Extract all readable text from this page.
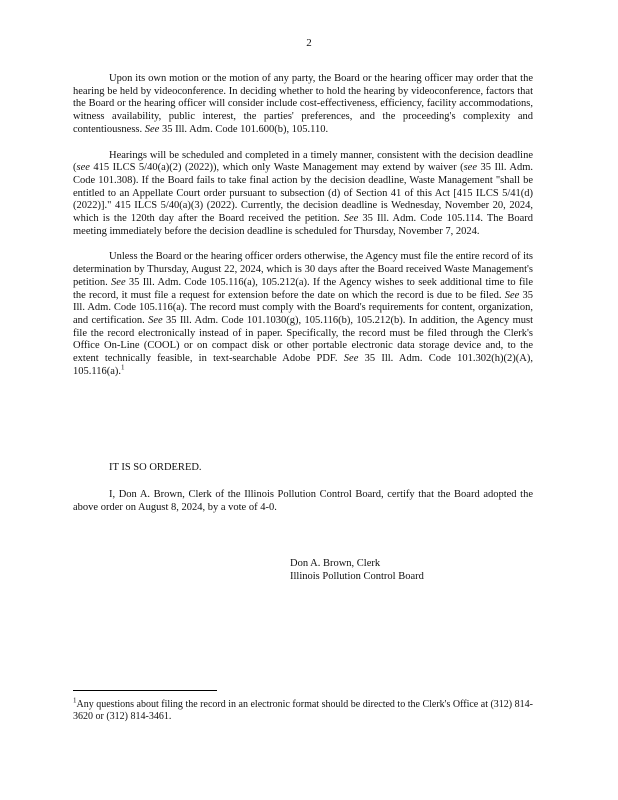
2

Upon its own motion or the motion of any party, the Board or the hearing officer may order that the hearing be held by videoconference. In deciding whether to hold the hearing by videoconference, factors that the Board or the hearing officer will consider include cost-effectiveness, efficiency, facility accommodations, witness availability, public interest, the parties' preferences, and the proceeding's complexity and contentiousness. See 35 Ill. Adm. Code 101.600(b), 105.110.

Hearings will be scheduled and completed in a timely manner, consistent with the decision deadline (see 415 ILCS 5/40(a)(2) (2022)), which only Waste Management may extend by waiver (see 35 Ill. Adm. Code 101.308). If the Board fails to take final action by the decision deadline, Waste Management "shall be entitled to an Appellate Court order pursuant to subsection (d) of Section 41 of this Act [415 ILCS 5/41(d) (2022)]." 415 ILCS 5/40(a)(3) (2022). Currently, the decision deadline is Wednesday, November 20, 2024, which is the 120th day after the Board received the petition. See 35 Ill. Adm. Code 105.114. The Board meeting immediately before the decision deadline is scheduled for Thursday, November 7, 2024.

Unless the Board or the hearing officer orders otherwise, the Agency must file the entire record of its determination by Thursday, August 22, 2024, which is 30 days after the Board received Waste Management's petition. See 35 Ill. Adm. Code 105.116(a), 105.212(a). If the Agency wishes to seek additional time to file the record, it must file a request for extension before the date on which the record is due to be filed. See 35 Ill. Adm. Code 105.116(a). The record must comply with the Board's requirements for content, organization, and certification. See 35 Ill. Adm. Code 101.1030(g), 105.116(b), 105.212(b). In addition, the Agency must file the record electronically instead of in paper. Specifically, the record must be filed through the Clerk's Office On-Line (COOL) or on compact disk or other portable electronic data storage device and, to the extent technically feasible, in text-searchable Adobe PDF. See 35 Ill. Adm. Code 101.302(h)(2)(A), 105.116(a).$^1$

IT IS SO ORDERED.

I, Don A. Brown, Clerk of the Illinois Pollution Control Board, certify that the Board adopted the above order on August 8, 2024, by a vote of 4-0.

Don A. Brown, Clerk
Illinois Pollution Control Board

$^1$Any questions about filing the record in an electronic format should be directed to the Clerk's Office at (312) 814-3620 or (312) 814-3461.
